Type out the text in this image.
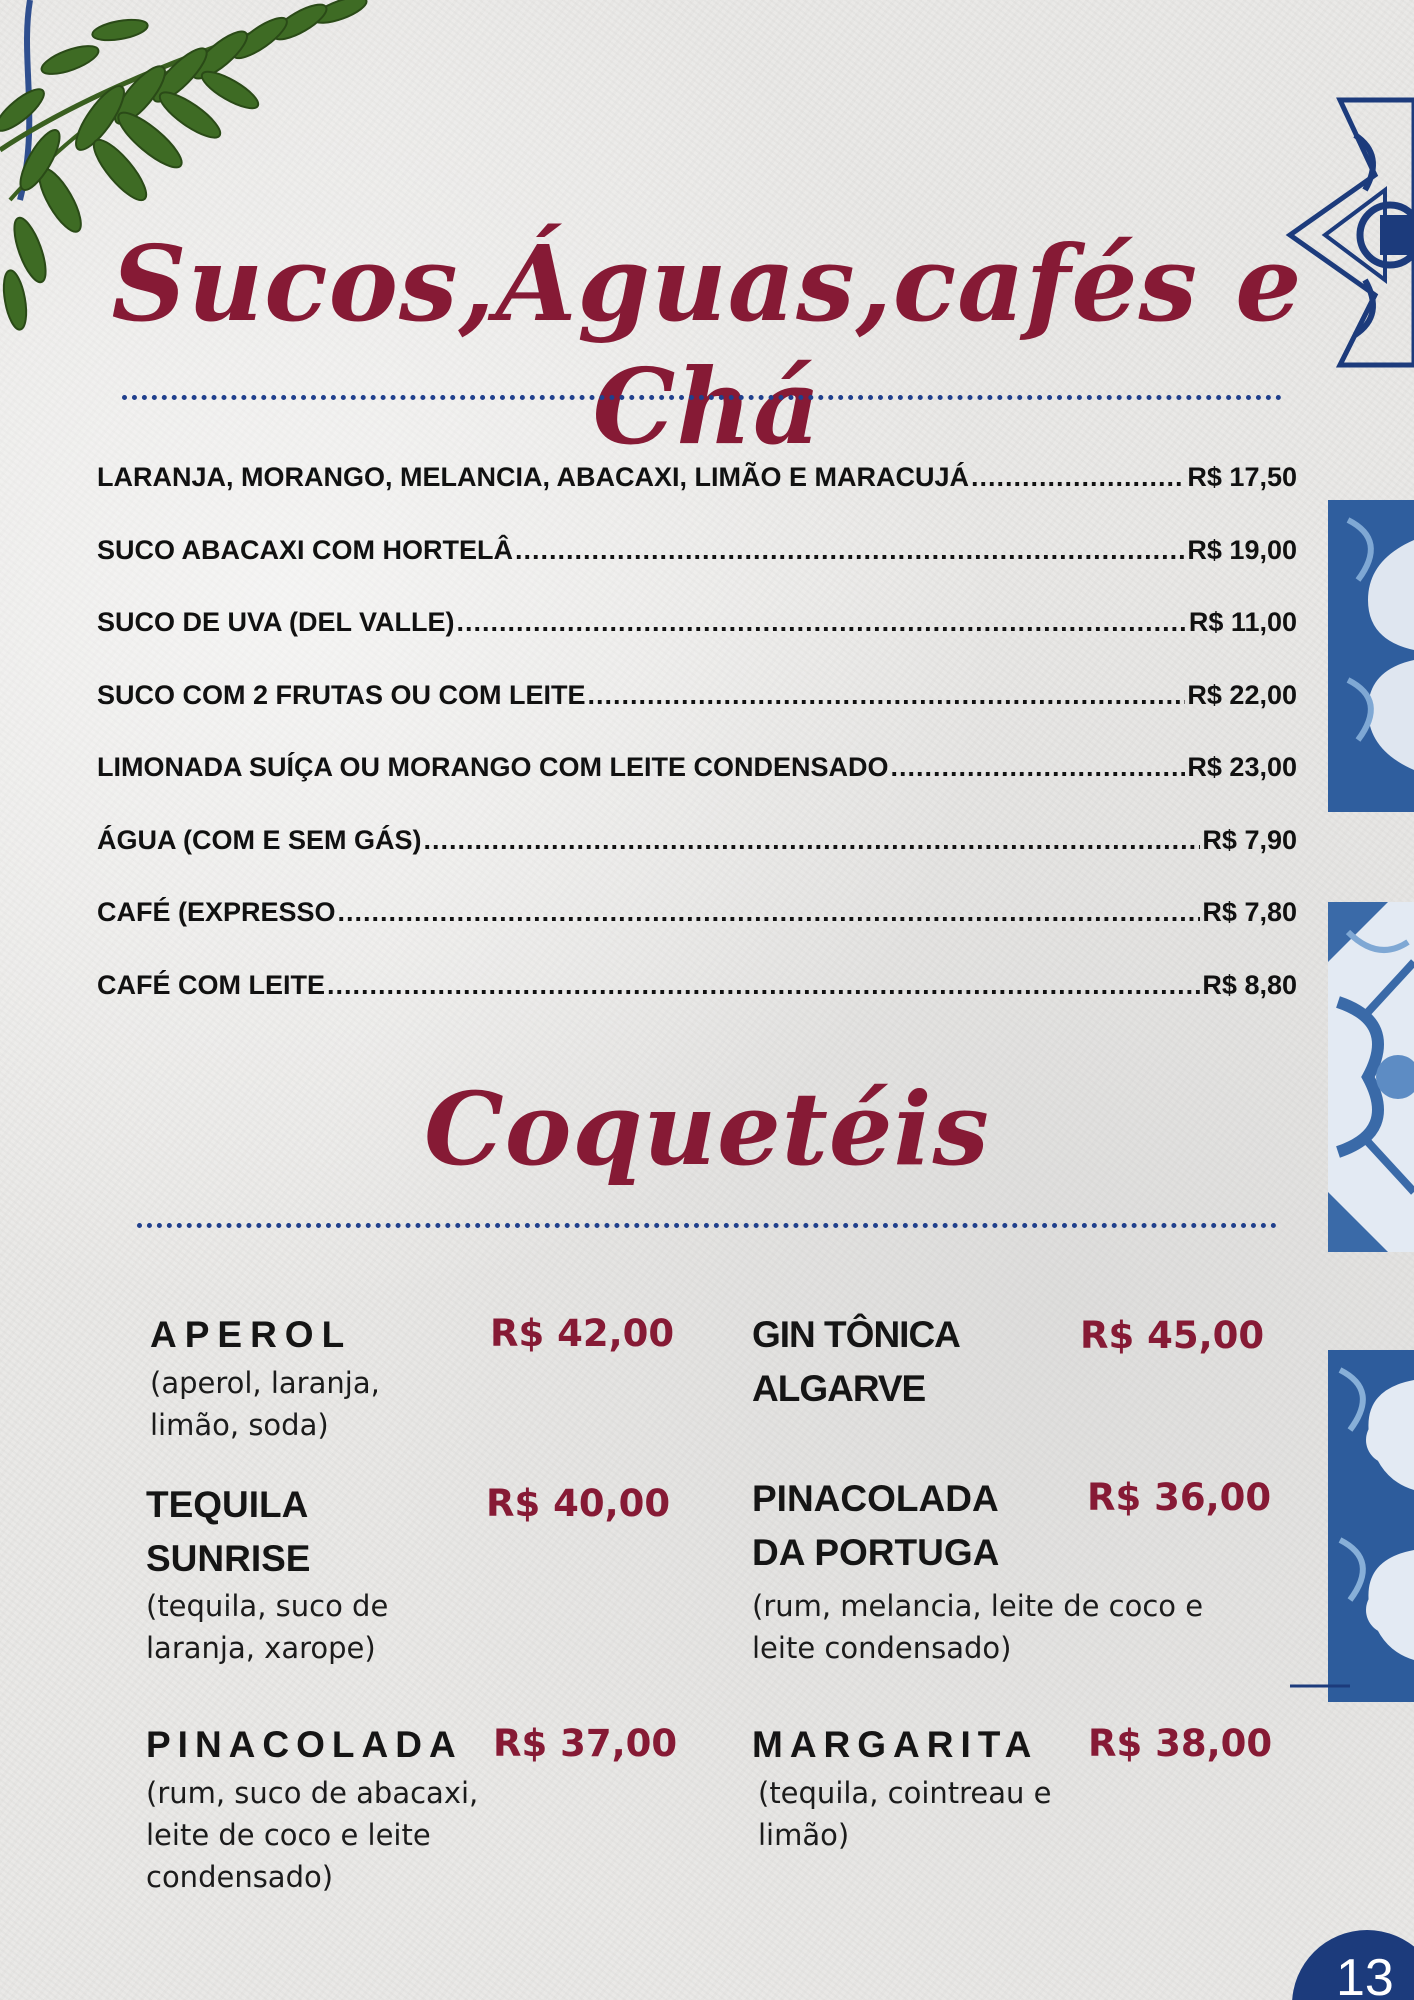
Sucos,Águas,cafés e Chá
LARANJA, MORANGO, MELANCIA, ABACAXI, LIMÃO E MARACUJÁ .....	R$ 17,50
SUCO ABACAXI COM HORTELÂ .....	R$ 19,00
SUCO DE UVA (DEL VALLE) .....	R$ 11,00
SUCO COM 2 FRUTAS OU COM LEITE .....	R$ 22,00
LIMONADA SUÍÇA OU MORANGO COM LEITE CONDENSADO .....	R$ 23,00
ÁGUA (COM E SEM GÁS) .....	R$ 7,90
CAFÉ (EXPRESSO .....	R$ 7,80
CAFÉ COM LEITE .....	R$ 8,80
Coquetéis
APEROL
(aperol, laranja, limão, soda)
R$ 42,00 GIN TÔNICA ALGARVE
R$ 45,00
TEQUILA SUNRISE
(tequila, suco de laranja, xarope)
R$ 40,00 PINACOLADA DA PORTUGA
(rum, melancia, leite de coco e leite condensado)
R$ 36,00
PINACOLADA
(rum, suco de abacaxi, leite de coco e leite condensado)
R$ 37,00 MARGARITA
(tequila, cointreau e limão)
R$ 38,00
13
